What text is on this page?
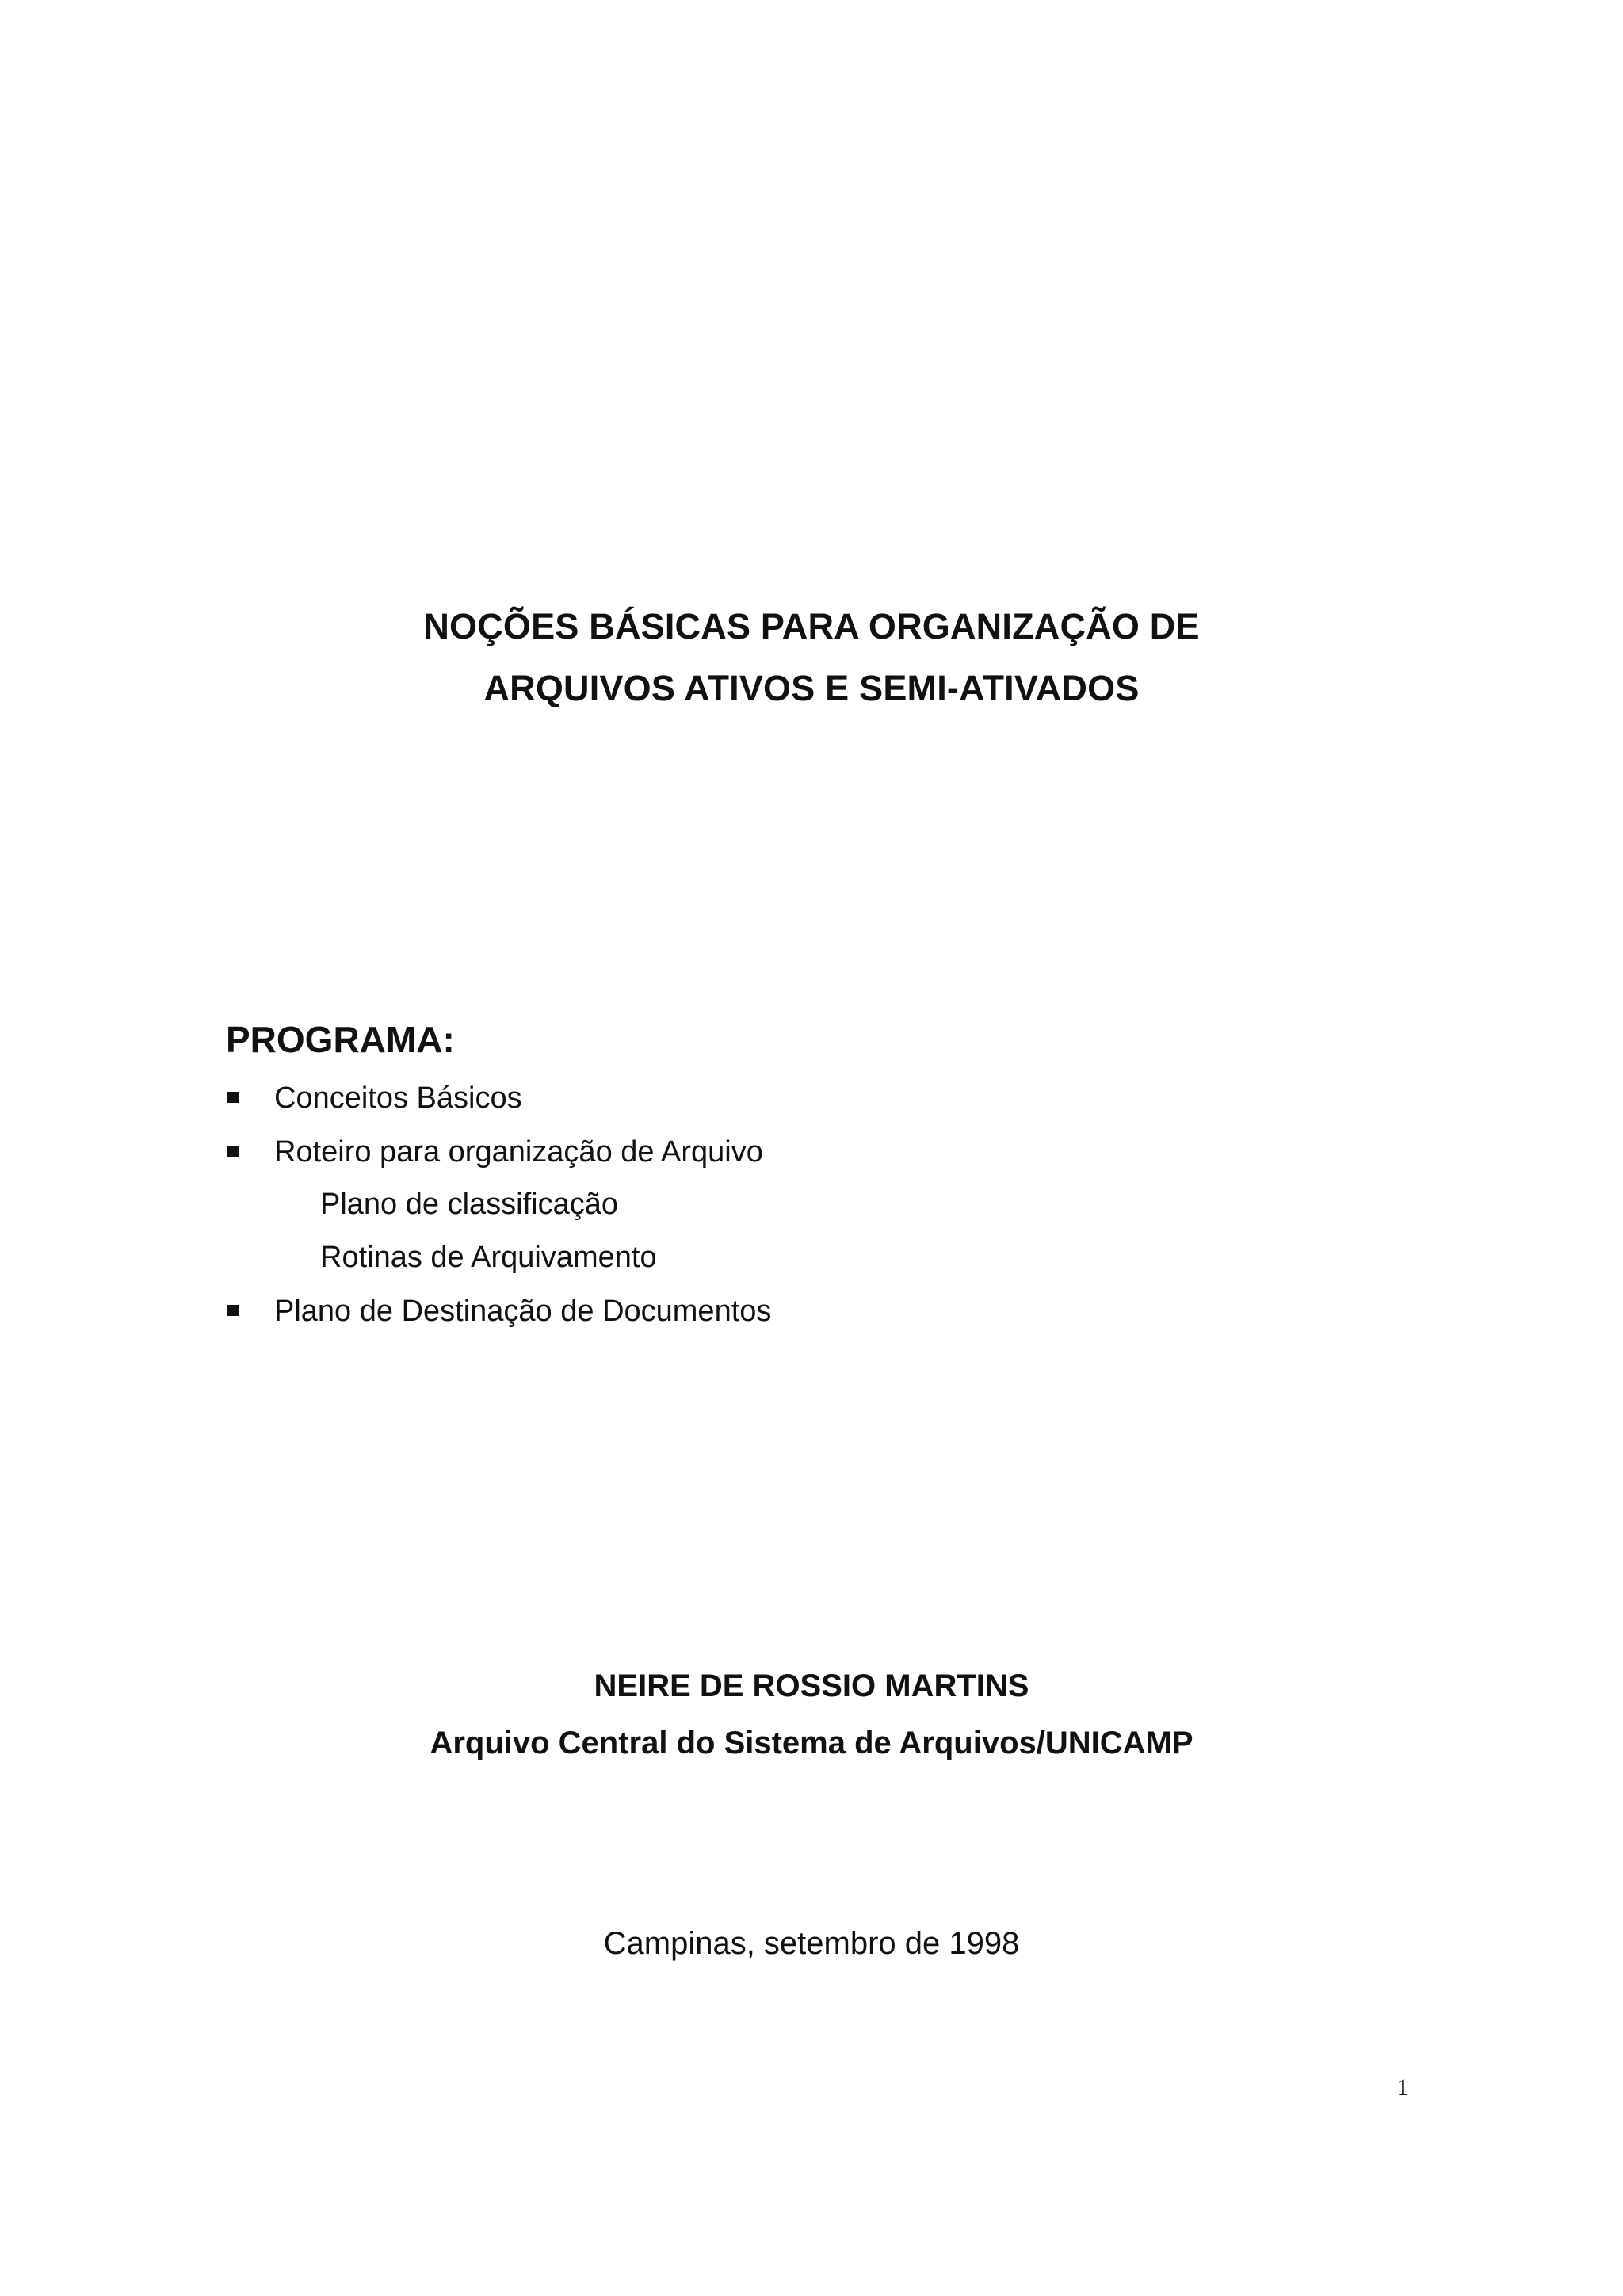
NOÇÕES BÁSICAS PARA ORGANIZAÇÃO DE
ARQUIVOS ATIVOS E SEMI-ATIVADOS
PROGRAMA:
Conceitos Básicos
Roteiro para organização de Arquivo
Plano de classificação
Rotinas de Arquivamento
Plano de Destinação de Documentos
NEIRE DE ROSSIO MARTINS
Arquivo Central do Sistema de Arquivos/UNICAMP
Campinas, setembro de 1998
1
